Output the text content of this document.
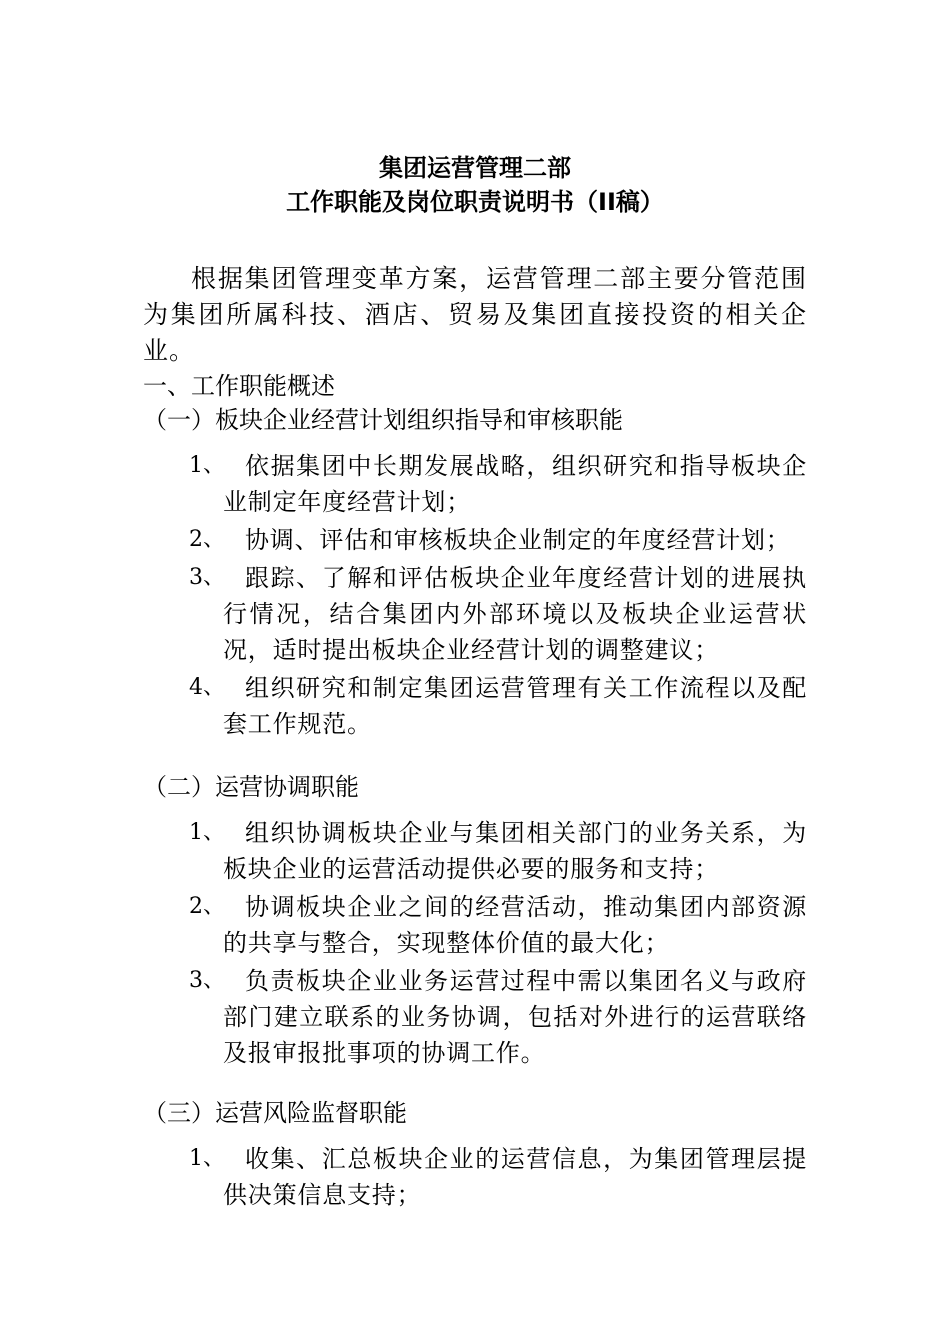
集团运营管理二部
工作职能及岗位职责说明书（II稿）
根据集团管理变革方案，运营管理二部主要分管范围为集团所属科技、酒店、贸易及集团直接投资的相关企业。
一、工作职能概述
（一）板块企业经营计划组织指导和审核职能
1、 依据集团中长期发展战略，组织研究和指导板块企业制定年度经营计划；
2、 协调、评估和审核板块企业制定的年度经营计划；
3、 跟踪、了解和评估板块企业年度经营计划的进展执行情况，结合集团内外部环境以及板块企业运营状况，适时提出板块企业经营计划的调整建议；
4、 组织研究和制定集团运营管理有关工作流程以及配套工作规范。
（二）运营协调职能
1、 组织协调板块企业与集团相关部门的业务关系，为板块企业的运营活动提供必要的服务和支持；
2、 协调板块企业之间的经营活动，推动集团内部资源的共享与整合，实现整体价值的最大化；
3、 负责板块企业业务运营过程中需以集团名义与政府部门建立联系的业务协调，包括对外进行的运营联络及报审报批事项的协调工作。
（三）运营风险监督职能
1、 收集、汇总板块企业的运营信息，为集团管理层提供决策信息支持；
